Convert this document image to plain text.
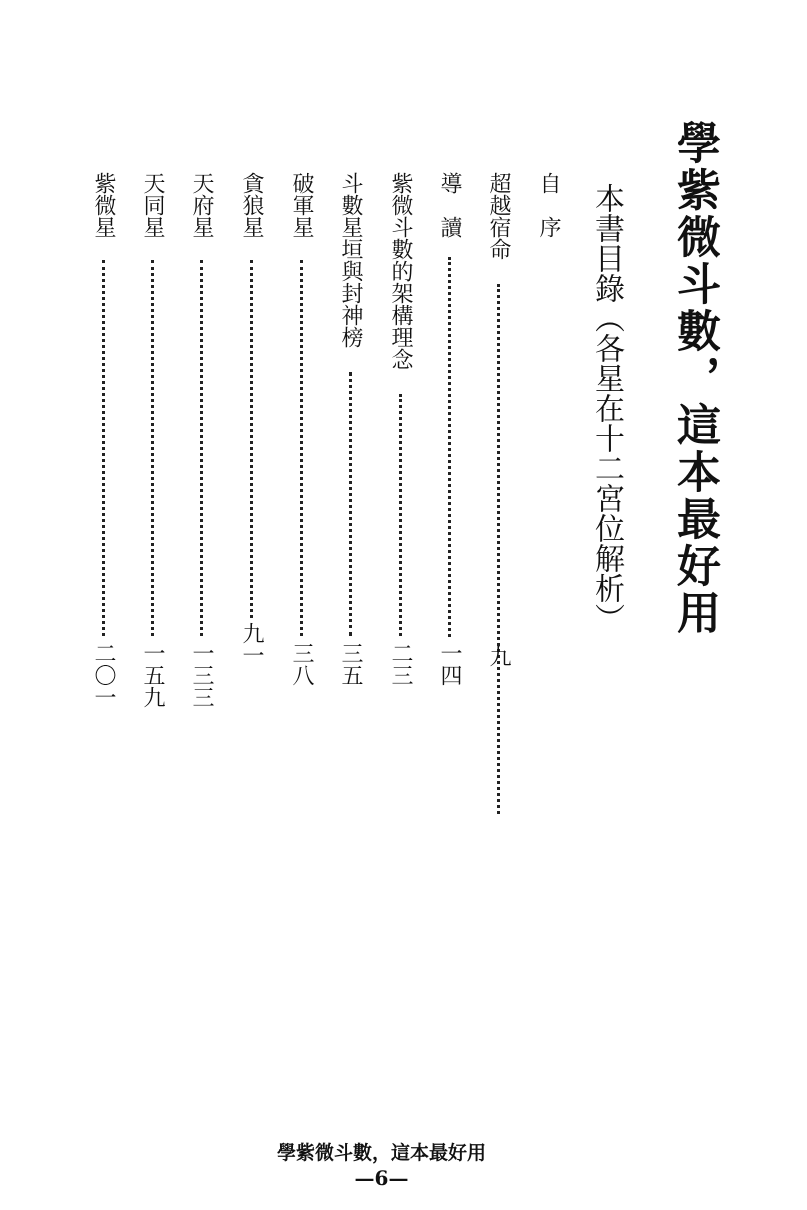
學紫微斗數，這本最好用
本書目錄（各星在十二宮位解析）
自　序
超越宿命
九
導　讀
一四
紫微斗數的架構理念
二三
斗數星垣與封神榜
三五
破軍星
三八
貪狼星
九一
天府星
一三三
天同星
一五九
紫微星
二〇一
學紫微斗數，這本最好用
—6—
